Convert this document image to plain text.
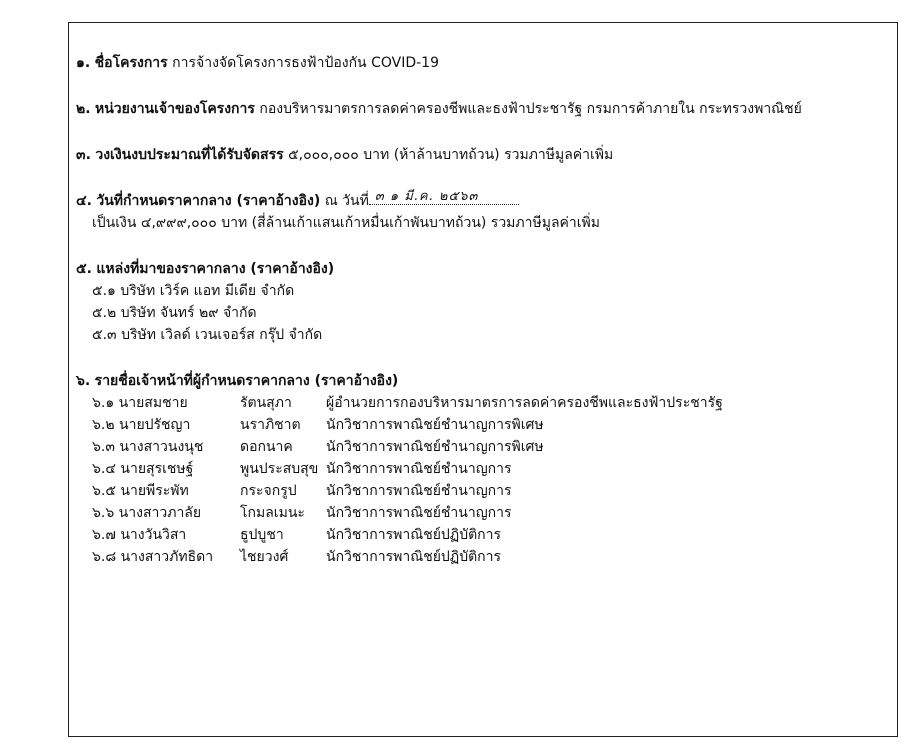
๑. ชื่อโครงการ การจ้างจัดโครงการธงฟ้าป้องกัน COVID-19
๒. หน่วยงานเจ้าของโครงการ กองบริหารมาตรการลดค่าครองชีพและธงฟ้าประชารัฐ กรมการค้าภายใน กระทรวงพาณิชย์
๓. วงเงินงบประมาณที่ได้รับจัดสรร ๕,๐๐๐,๐๐๐ บาท (ห้าล้านบาทถ้วน) รวมภาษีมูลค่าเพิ่ม
๔. วันที่กำหนดราคากลาง (ราคาอ้างอิง) ณ วันที่ ๓ ๑ มี.ค. ๒๕๖๓
เป็นเงิน ๔,๙๙๙,๐๐๐ บาท (สี่ล้านเก้าแสนเก้าหมื่นเก้าพันบาทถ้วน) รวมภาษีมูลค่าเพิ่ม
๕. แหล่งที่มาของราคากลาง (ราคาอ้างอิง)
๕.๑ บริษัท เวิร์ค แอท มีเดีย จำกัด
๕.๒ บริษัท จันทร์ ๒๙ จำกัด
๕.๓ บริษัท เวิลด์ เวนเจอร์ส กรุ๊ป จำกัด
๖. รายชื่อเจ้าหน้าที่ผู้กำหนดราคากลาง (ราคาอ้างอิง)
๖.๑ นายสมชาย	รัตนสุภา	ผู้อำนวยการกองบริหารมาตรการลดค่าครองชีพและธงฟ้าประชารัฐ
๖.๒ นายปรัชญา	นราภิชาต	นักวิชาการพาณิชย์ชำนาญการพิเศษ
๖.๓ นางสาวนงนุช	ดอกนาค	นักวิชาการพาณิชย์ชำนาญการพิเศษ
๖.๔ นายสุรเชษฐ์	พูนประสบสุข นักวิชาการพาณิชย์ชำนาญการ
๖.๕ นายพีระพัท	กระจกรูป	นักวิชาการพาณิชย์ชำนาญการ
๖.๖ นางสาวภาลัย	โกมลเมนะ	นักวิชาการพาณิชย์ชำนาญการ
๖.๗ นางวันวิสา	ธูปบูชา	นักวิชาการพาณิชย์ปฏิบัติการ
๖.๘ นางสาวภัทธิดา	ไชยวงศ์	นักวิชาการพาณิชย์ปฏิบัติการ
